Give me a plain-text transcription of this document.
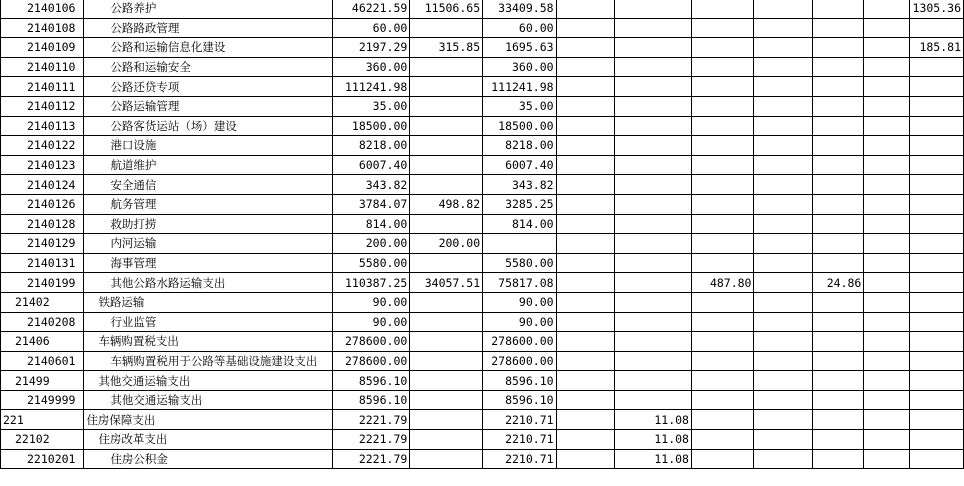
2140106	公路养护	46221.59	11506.65	33409.58							1305.36
2140108	公路路政管理	60.00		60.00							
2140109	公路和运输信息化建设	2197.29	315.85	1695.63							185.81
2140110	公路和运输安全	360.00		360.00							
2140111	公路还贷专项	111241.98		111241.98							
2140112	公路运输管理	35.00		35.00							
2140113	公路客货运站（场）建设	18500.00		18500.00							
2140122	港口设施	8218.00		8218.00							
2140123	航道维护	6007.40		6007.40							
2140124	安全通信	343.82		343.82							
2140126	航务管理	3784.07	498.82	3285.25							
2140128	救助打捞	814.00		814.00							
2140129	内河运输	200.00	200.00								
2140131	海事管理	5580.00		5580.00							
2140199	其他公路水路运输支出	110387.25	34057.51	75817.08			487.80		24.86		
21402	铁路运输	90.00		90.00							
2140208	行业监管	90.00		90.00							
21406	车辆购置税支出	278600.00		278600.00							
2140601	车辆购置税用于公路等基础设施建设支出	278600.00		278600.00							
21499	其他交通运输支出	8596.10		8596.10							
2149999	其他交通运输支出	8596.10		8596.10							
221	住房保障支出	2221.79		2210.71		11.08					
22102	住房改革支出	2221.79		2210.71		11.08					
2210201	住房公积金	2221.79		2210.71		11.08					
